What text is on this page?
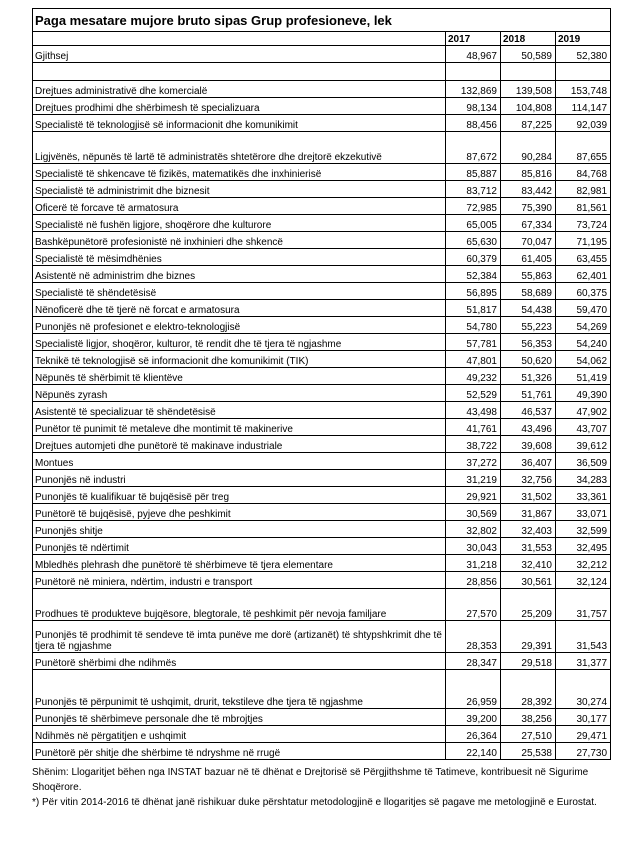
Paga mesatare mujore bruto sipas Grup profesioneve, lek			
	2017	2018	2019
Gjithsej	48,967	50,589	52,380

Drejtues administrativë dhe komercialë	132,869	139,508	153,748
Drejtues prodhimi dhe shërbimesh të specializuara	98,134	104,808	114,147
Specialistë të teknologjisë së informacionit dhe komunikimit	88,456	87,225	92,039
Ligjvënës, nëpunës të lartë të administratës shtetërore dhe drejtorë ekzekutivë	87,672	90,284	87,655
Specialistë të shkencave të fizikës, matematikës dhe inxhinierisë	85,887	85,816	84,768
Specialistë të administrimit dhe biznesit	83,712	83,442	82,981
Oficerë të forcave të armatosura	72,985	75,390	81,561
Specialistë në fushën ligjore, shoqërore dhe kulturore	65,005	67,334	73,724
Bashkëpunëtorë profesionistë në inxhinieri dhe shkencë	65,630	70,047	71,195
Specialistë të mësimdhënies	60,379	61,405	63,455
Asistentë në administrim dhe biznes	52,384	55,863	62,401
Specialistë të shëndetësisë	56,895	58,689	60,375
Nënoficerë dhe të tjerë në forcat e armatosura	51,817	54,438	59,470
Punonjës në profesionet e elektro-teknologjisë	54,780	55,223	54,269
Specialistë ligjor, shoqëror, kulturor, të rendit dhe të tjera të ngjashme	57,781	56,353	54,240
Teknikë të teknologjisë së informacionit dhe komunikimit (TIK)	47,801	50,620	54,062
Nëpunës të shërbimit të klientëve	49,232	51,326	51,419
Nëpunës zyrash	52,529	51,761	49,390
Asistentë të specializuar të shëndetësisë	43,498	46,537	47,902
Punëtor të punimit të metaleve dhe montimit të makinerive	41,761	43,496	43,707
Drejtues automjeti dhe punëtorë të makinave industriale	38,722	39,608	39,612
Montues	37,272	36,407	36,509
Punonjës në industri	31,219	32,756	34,283
Punonjës të kualifikuar të bujqësisë për treg	29,921	31,502	33,361
Punëtorë të bujqësisë, pyjeve dhe peshkimit	30,569	31,867	33,071
Punonjës shitje	32,802	32,403	32,599
Punonjës të ndërtimit	30,043	31,553	32,495
Mbledhës plehrash dhe punëtorë të shërbimeve të tjera elementare	31,218	32,410	32,212
Punëtorë në miniera, ndërtim, industri e transport	28,856	30,561	32,124
Prodhues të produkteve bujqësore, blegtorale, të peshkimit për nevoja familjare	27,570	25,209	31,757
Punonjës të prodhimit të sendeve të imta punëve me dorë (artizanët) të shtypshkrimit dhe të tjera të ngjashme	28,353	29,391	31,543
Punëtorë shërbimi dhe ndihmës	28,347	29,518	31,377
Punonjës të përpunimit të ushqimit, drurit, tekstileve dhe tjera të ngjashme	26,959	28,392	30,274
Punonjës të shërbimeve personale dhe të mbrojtjes	39,200	38,256	30,177
Ndihmës në përgatitjen e ushqimit	26,364	27,510	29,471
Punëtorë për shitje dhe shërbime të ndryshme në rrugë	22,140	25,538	27,730

Shënim: Llogaritjet bëhen nga INSTAT bazuar në të dhënat e Drejtorisë së Përgjithshme të Tatimeve, kontribuesit në Sigurime Shoqërore.

*) Për vitin 2014-2016 të dhënat janë rishikuar duke përshtatur metodologjinë e llogaritjes së pagave me metologjinë e Eurostat.
